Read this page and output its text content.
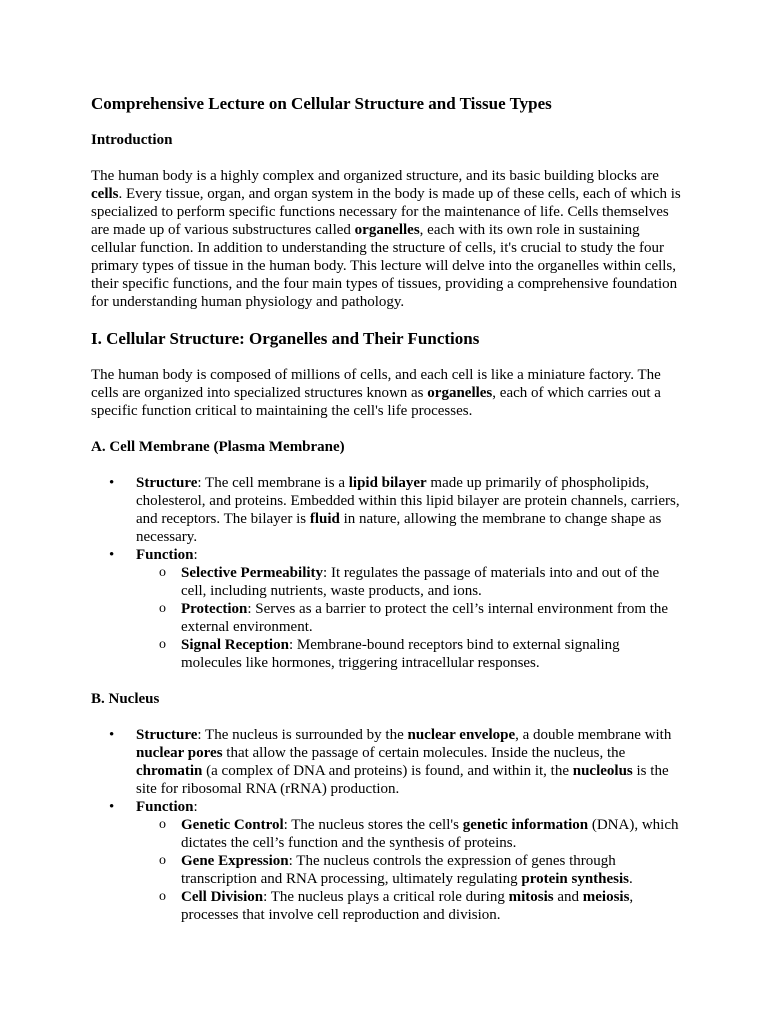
Comprehensive Lecture on Cellular Structure and Tissue Types
Introduction

The human body is a highly complex and organized structure, and its basic building blocks are cells. Every tissue, organ, and organ system in the body is made up of these cells, each of which is specialized to perform specific functions necessary for the maintenance of life. Cells themselves are made up of various substructures called organelles, each with its own role in sustaining cellular function. In addition to understanding the structure of cells, it's crucial to study the four primary types of tissue in the human body. This lecture will delve into the organelles within cells, their specific functions, and the four main types of tissues, providing a comprehensive foundation for understanding human physiology and pathology.

I. Cellular Structure: Organelles and Their Functions

The human body is composed of millions of cells, and each cell is like a miniature factory. The cells are organized into specialized structures known as organelles, each of which carries out a specific function critical to maintaining the cell's life processes.

A. Cell Membrane (Plasma Membrane)
• Structure: The cell membrane is a lipid bilayer made up primarily of phospholipids, cholesterol, and proteins. Embedded within this lipid bilayer are protein channels, carriers, and receptors. The bilayer is fluid in nature, allowing the membrane to change shape as necessary.
• Function:
o Selective Permeability: It regulates the passage of materials into and out of the cell, including nutrients, waste products, and ions.
o Protection: Serves as a barrier to protect the cell’s internal environment from the external environment.
o Signal Reception: Membrane-bound receptors bind to external signaling molecules like hormones, triggering intracellular responses.
B. Nucleus
• Structure: The nucleus is surrounded by the nuclear envelope, a double membrane with nuclear pores that allow the passage of certain molecules. Inside the nucleus, the chromatin (a complex of DNA and proteins) is found, and within it, the nucleolus is the site for ribosomal RNA (rRNA) production.
• Function:
o Genetic Control: The nucleus stores the cell's genetic information (DNA), which dictates the cell’s function and the synthesis of proteins.
o Gene Expression: The nucleus controls the expression of genes through transcription and RNA processing, ultimately regulating protein synthesis.
o Cell Division: The nucleus plays a critical role during mitosis and meiosis, processes that involve cell reproduction and division.
